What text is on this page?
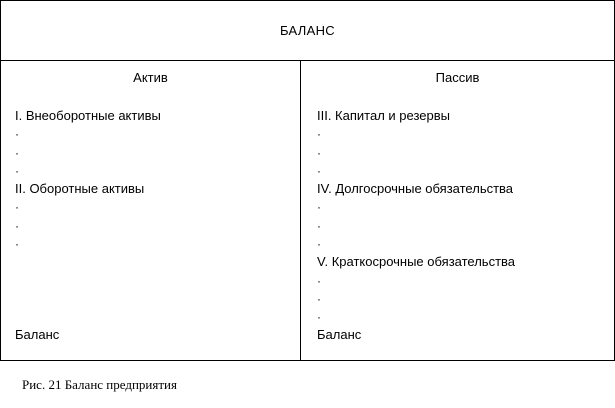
БАЛАНС
Актив
I. Внеоборотные активы
·
·
·
II. Оборотные активы
·
·
·
Баланс
Пассив
III. Капитал и резервы
·
·
·
IV. Долгосрочные обязательства
·
·
·
V. Краткосрочные обязательства
·
·
·
Баланс
Рис. 21 Баланс предприятия
